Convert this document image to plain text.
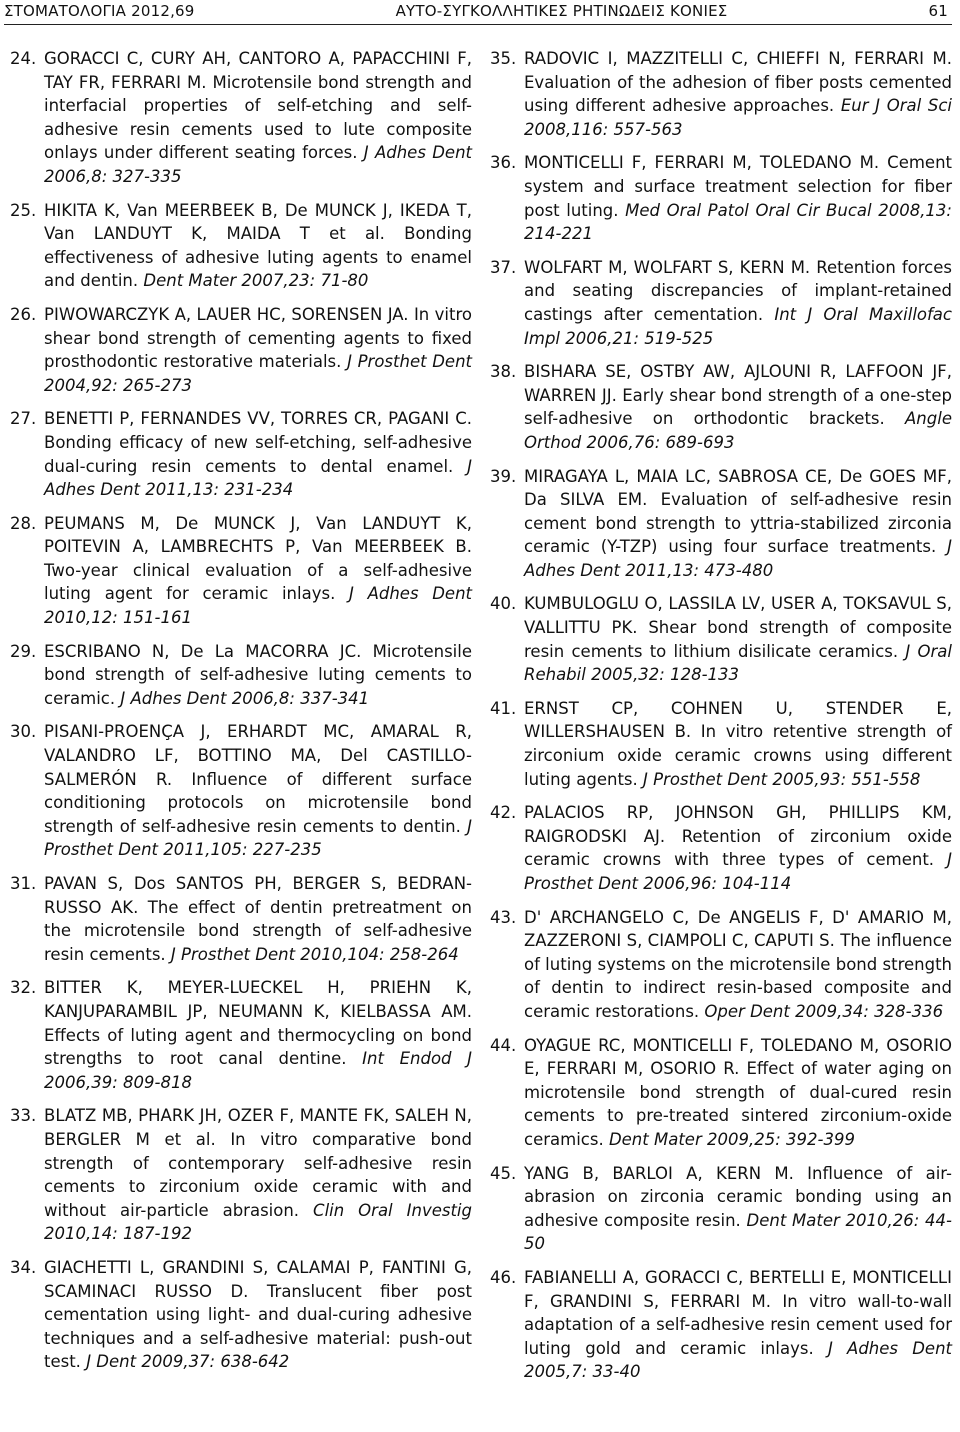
ΣΤΟΜΑΤΟΛΟΓΙΑ 2012,69	ΑΥΤΟ-ΣΥΓΚΟΛΛΗΤΙΚΕΣ ΡΗΤΙΝΩΔΕΙΣ ΚΟΝΙΕΣ	61
24. GORACCI C, CURY AH, CANTORO A, PAPACCHINI F, TAY FR, FERRARI M. Microtensile bond strength and interfacial properties of self-etching and self-adhesive resin cements used to lute composite onlays under different seating forces. J Adhes Dent 2006,8: 327-335
25. HIKITA K, Van MEERBEEK B, De MUNCK J, IKEDA T, Van LANDUYT K, MAIDA T et al. Bonding effectiveness of adhesive luting agents to enamel and dentin. Dent Mater 2007,23: 71-80
26. PIWOWARCZYK A, LAUER HC, SORENSEN JA. In vitro shear bond strength of cementing agents to fixed prosthodontic restorative materials. J Prosthet Dent 2004,92: 265-273
27. BENETTI P, FERNANDES VV, TORRES CR, PAGANI C. Bonding efficacy of new self-etching, self-adhesive dual-curing resin cements to dental enamel. J Adhes Dent 2011,13: 231-234
28. PEUMANS M, De MUNCK J, Van LANDUYT K, POITEVIN A, LAMBRECHTS P, Van MEERBEEK B. Two-year clinical evaluation of a self-adhesive luting agent for ceramic inlays. J Adhes Dent 2010,12: 151-161
29. ESCRIBANO N, De La MACORRA JC. Microtensile bond strength of self-adhesive luting cements to ceramic. J Adhes Dent 2006,8: 337-341
30. PISANI-PROENÇA J, ERHARDT MC, AMARAL R, VALANDRO LF, BOTTINO MA, Del CASTILLO-SALMERÓN R. Influence of different surface conditioning protocols on microtensile bond strength of self-adhesive resin cements to dentin. J Prosthet Dent 2011,105: 227-235
31. PAVAN S, Dos SANTOS PH, BERGER S, BEDRAN-RUSSO AK. The effect of dentin pretreatment on the microtensile bond strength of self-adhesive resin cements. J Prosthet Dent 2010,104: 258-264
32. BITTER K, MEYER-LUECKEL H, PRIEHN K, KANJUPARAMBIL JP, NEUMANN K, KIELBASSA AM. Effects of luting agent and thermocycling on bond strengths to root canal dentine. Int Endod J 2006,39: 809-818
33. BLATZ MB, PHARK JH, OZER F, MANTE FK, SALEH N, BERGLER M et al. In vitro comparative bond strength of contemporary self-adhesive resin cements to zirconium oxide ceramic with and without air-particle abrasion. Clin Oral Investig 2010,14: 187-192
34. GIACHETTI L, GRANDINI S, CALAMAI P, FANTINI G, SCAMINACI RUSSO D. Translucent fiber post cementation using light- and dual-curing adhesive techniques and a self-adhesive material: push-out test. J Dent 2009,37: 638-642
35. RADOVIC I, MAZZITELLI C, CHIEFFI N, FERRARI M. Evaluation of the adhesion of fiber posts cemented using different adhesive approaches. Eur J Oral Sci 2008,116: 557-563
36. MONTICELLI F, FERRARI M, TOLEDANO M. Cement system and surface treatment selection for fiber post luting. Med Oral Patol Oral Cir Bucal 2008,13: 214-221
37. WOLFART M, WOLFART S, KERN M. Retention forces and seating discrepancies of implant-retained castings after cementation. Int J Oral Maxillofac Impl 2006,21: 519-525
38. BISHARA SE, OSTBY AW, AJLOUNI R, LAFFOON JF, WARREN JJ. Early shear bond strength of a one-step self-adhesive on orthodontic brackets. Angle Orthod 2006,76: 689-693
39. MIRAGAYA L, MAIA LC, SABROSA CE, De GOES MF, Da SILVA EM. Evaluation of self-adhesive resin cement bond strength to yttria-stabilized zirconia ceramic (Y-TZP) using four surface treatments. J Adhes Dent 2011,13: 473-480
40. KUMBULOGLU O, LASSILA LV, USER A, TOKSAVUL S, VALLITTU PK. Shear bond strength of composite resin cements to lithium disilicate ceramics. J Oral Rehabil 2005,32: 128-133
41. ERNST CP, COHNEN U, STENDER E, WILLERSHAUSEN B. In vitro retentive strength of zirconium oxide ceramic crowns using different luting agents. J Prosthet Dent 2005,93: 551-558
42. PALACIOS RP, JOHNSON GH, PHILLIPS KM, RAIGRODSKI AJ. Retention of zirconium oxide ceramic crowns with three types of cement. J Prosthet Dent 2006,96: 104-114
43. D' ARCHANGELO C, De ANGELIS F, D' AMARIO M, ZAZZERONI S, CIAMPOLI C, CAPUTI S. The influence of luting systems on the microtensile bond strength of dentin to indirect resin-based composite and ceramic restorations. Oper Dent 2009,34: 328-336
44. OYAGUE RC, MONTICELLI F, TOLEDANO M, OSORIO E, FERRARI M, OSORIO R. Effect of water aging on microtensile bond strength of dual-cured resin cements to pre-treated sintered zirconium-oxide ceramics. Dent Mater 2009,25: 392-399
45. YANG B, BARLOI A, KERN M. Influence of air-abrasion on zirconia ceramic bonding using an adhesive composite resin. Dent Mater 2010,26: 44-50
46. FABIANELLI A, GORACCI C, BERTELLI E, MONTICELLI F, GRANDINI S, FERRARI M. In vitro wall-to-wall adaptation of a self-adhesive resin cement used for luting gold and ceramic inlays. J Adhes Dent 2005,7: 33-40
